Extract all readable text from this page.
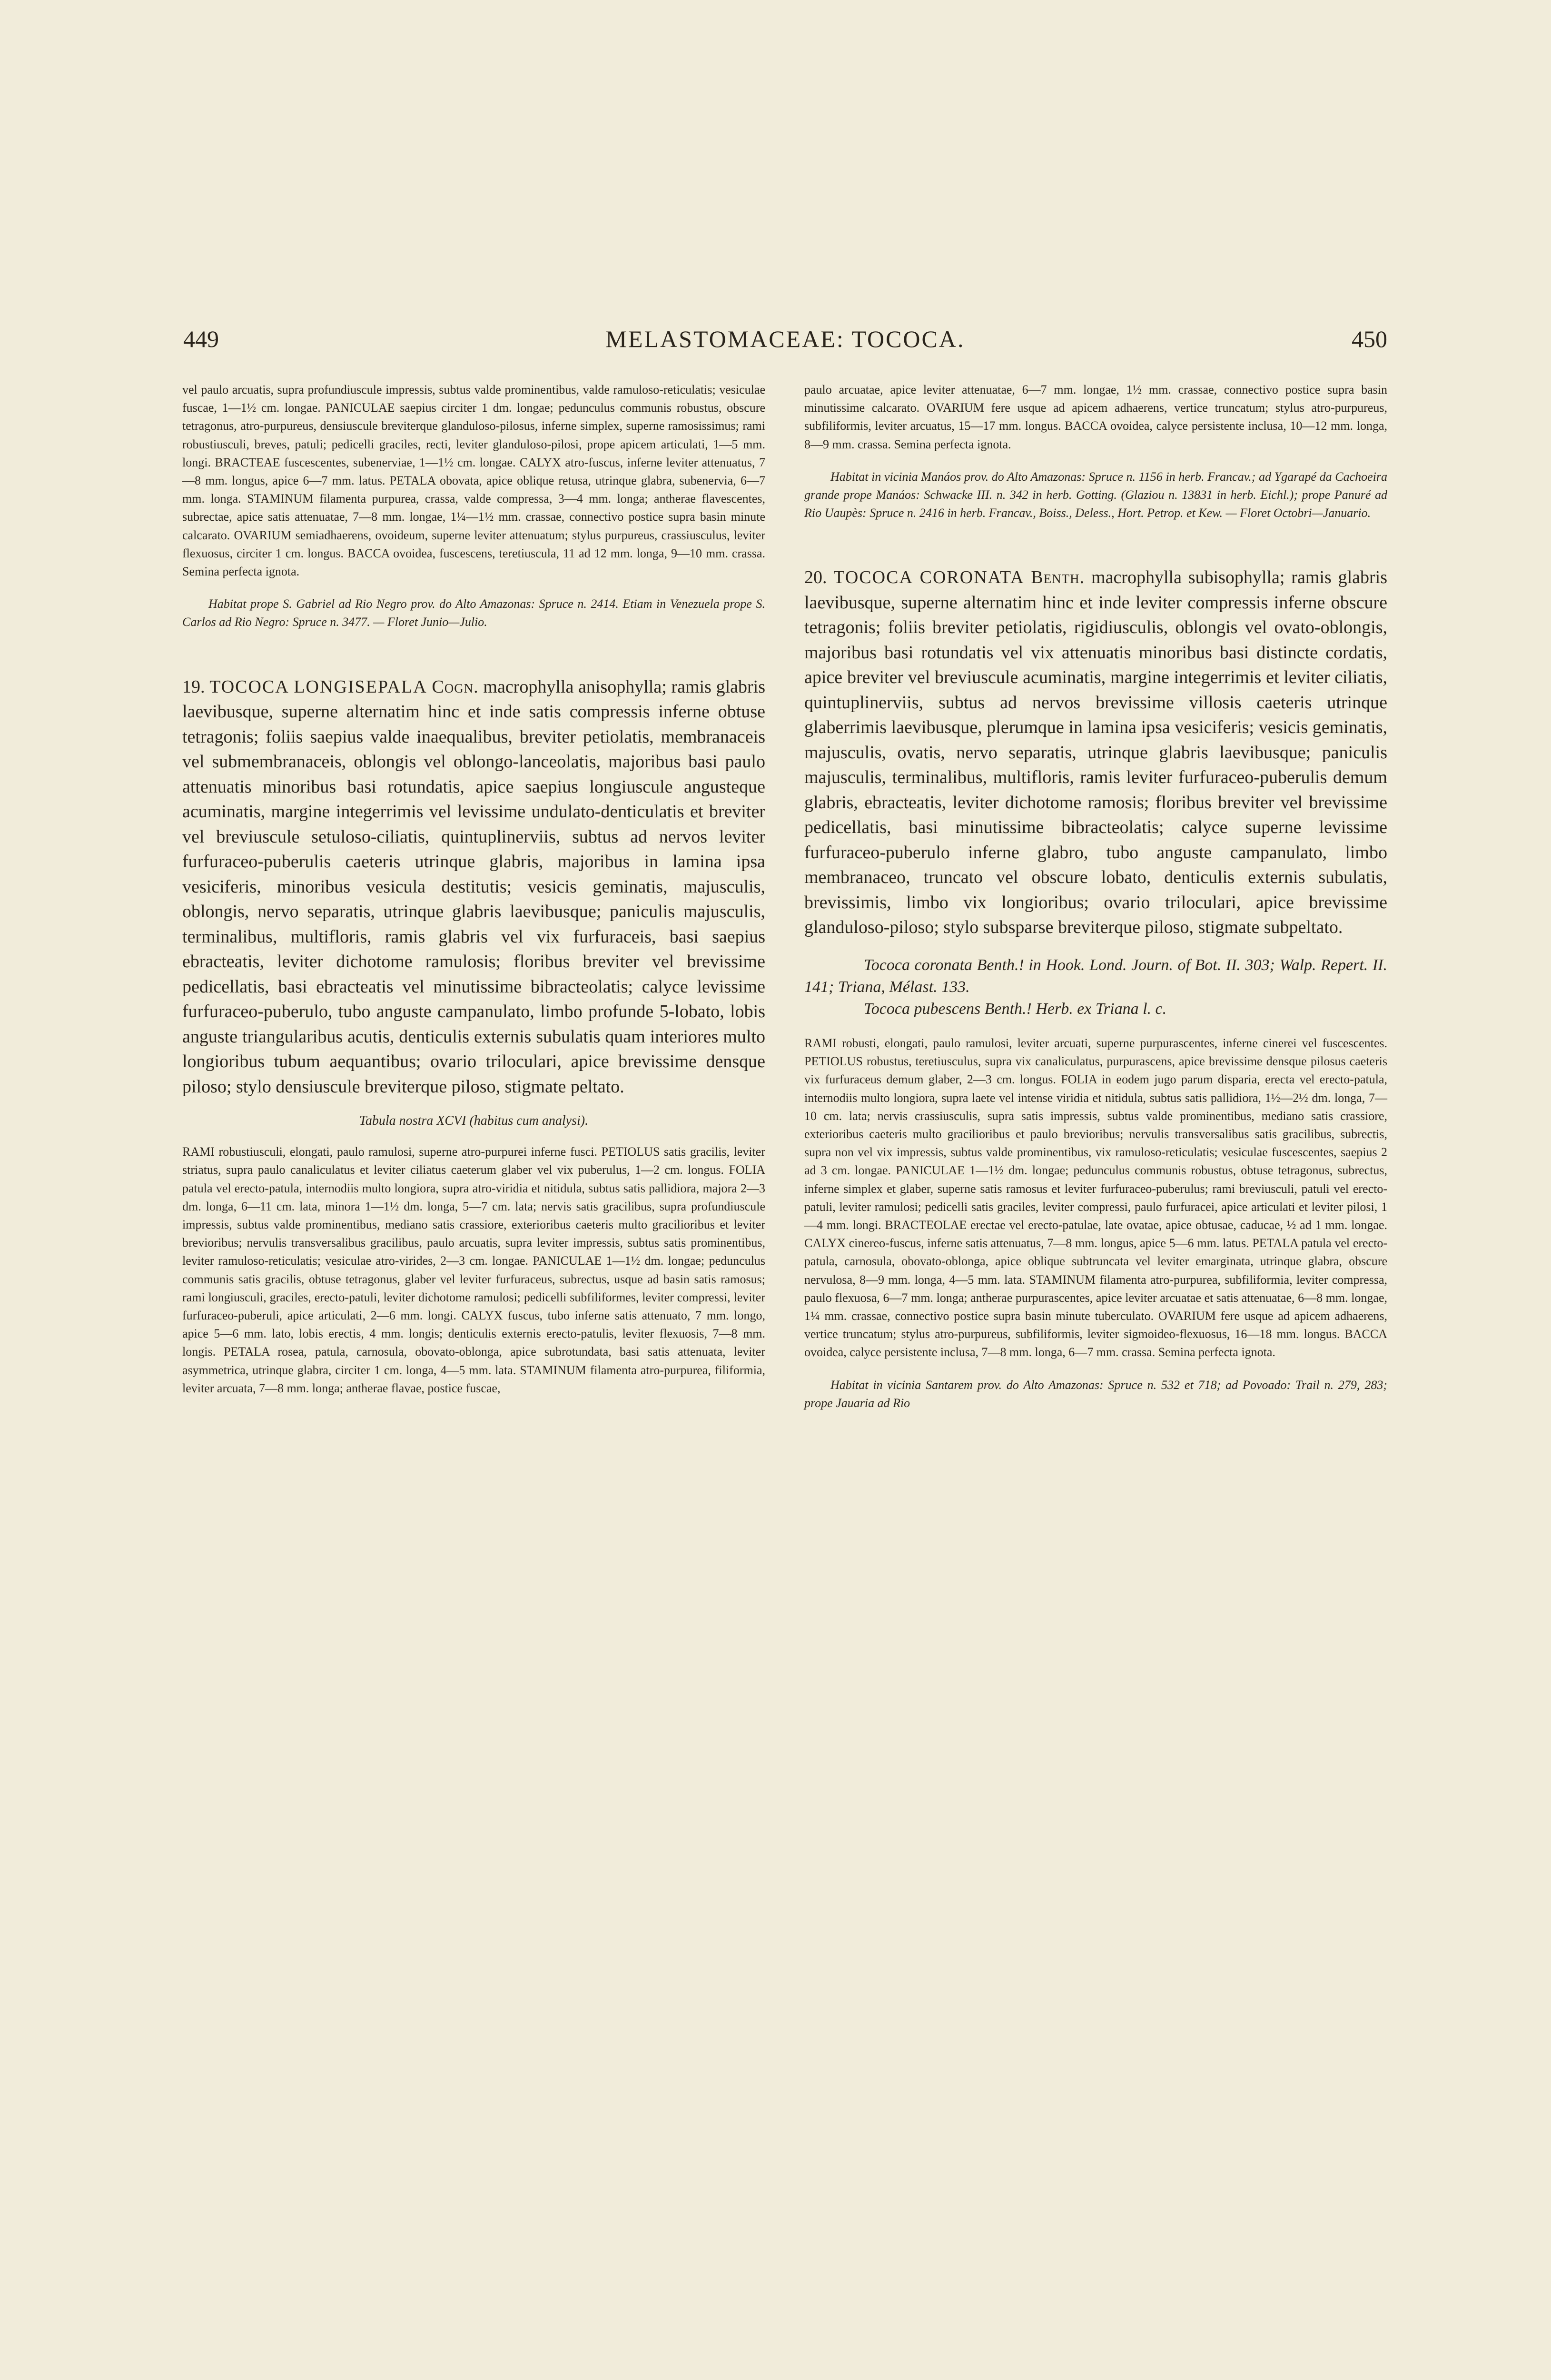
449	MELASTOMACEAE: TOCOCA.	450

vel paulo arcuatis, supra profundiuscule impressis, subtus valde prominentibus, valde ramuloso-reticulatis; vesiculae fuscae, 1—1½ cm. longae. PANICULAE saepius circiter 1 dm. longae; pedunculus communis robustus, obscure tetragonus, atro-purpureus, densiuscule breviterque glanduloso-pilosus, inferne simplex, superne ramosissimus; rami robustiusculi, breves, patuli; pedicelli graciles, recti, leviter glanduloso-pilosi, prope apicem articulati, 1—5 mm. longi. BRACTEAE fuscescentes, subenerviae, 1—1½ cm. longae. CALYX atro-fuscus, inferne leviter attenuatus, 7—8 mm. longus, apice 6—7 mm. latus. PETALA obovata, apice oblique retusa, utrinque glabra, subenervia, 6—7 mm. longa. STAMINUM filamenta purpurea, crassa, valde compressa, 3—4 mm. longa; antherae flavescentes, subrectae, apice satis attenuatae, 7—8 mm. longae, 1¼—1½ mm. crassae, connectivo postice supra basin minute calcarato. OVARIUM semiadhaerens, ovoideum, superne leviter attenuatum; stylus purpureus, crassiusculus, leviter flexuosus, circiter 1 cm. longus. BACCA ovoidea, fuscescens, teretiuscula, 11 ad 12 mm. longa, 9—10 mm. crassa. Semina perfecta ignota.

Habitat prope S. Gabriel ad Rio Negro prov. do Alto Amazonas: Spruce n. 2414. Etiam in Venezuela prope S. Carlos ad Rio Negro: Spruce n. 3477. — Floret Junio—Julio.

19. TOCOCA LONGISEPALA Cogn. macrophylla anisophylla; ramis glabris laevibusque, superne alternatim hinc et inde satis compressis inferne obtuse tetragonis; foliis saepius valde inaequalibus, breviter petiolatis, membranaceis vel submembranaceis, oblongis vel oblongo-lanceolatis, majoribus basi paulo attenuatis minoribus basi rotundatis, apice saepius longiuscule angusteque acuminatis, margine integerrimis vel levissime undulato-denticulatis et breviter vel breviuscule setuloso-ciliatis, quintuplinerviis, subtus ad nervos leviter furfuraceo-puberulis caeteris utrinque glabris, majoribus in lamina ipsa vesiciferis, minoribus vesicula destitutis; vesicis geminatis, majusculis, oblongis, nervo separatis, utrinque glabris laevibusque; paniculis majusculis, terminalibus, multifloris, ramis glabris vel vix furfuraceis, basi saepius ebracteatis, leviter dichotome ramulosis; floribus breviter vel brevissime pedicellatis, basi ebracteatis vel minutissime bibracteolatis; calyce levissime furfuraceo-puberulo, tubo anguste campanulato, limbo profunde 5-lobato, lobis anguste triangularibus acutis, denticulis externis subulatis quam interiores multo longioribus tubum aequantibus; ovario triloculari, apice brevissime densque piloso; stylo densiuscule breviterque piloso, stigmate peltato.

Tabula nostra XCVI (habitus cum analysi).

RAMI robustiusculi, elongati, paulo ramulosi, superne atro-purpurei inferne fusci. PETIOLUS satis gracilis, leviter striatus, supra paulo canaliculatus et leviter ciliatus caeterum glaber vel vix puberulus, 1—2 cm. longus. FOLIA patula vel erecto-patula, internodiis multo longiora, supra atro-viridia et nitidula, subtus satis pallidiora, majora 2—3 dm. longa, 6—11 cm. lata, minora 1—1½ dm. longa, 5—7 cm. lata; nervis satis gracilibus, supra profundiuscule impressis, subtus valde prominentibus, mediano satis crassiore, exterioribus caeteris multo gracilioribus et leviter brevioribus; nervulis transversalibus gracilibus, paulo arcuatis, supra leviter impressis, subtus satis prominentibus, leviter ramuloso-reticulatis; vesiculae atro-virides, 2—3 cm. longae. PANICULAE 1—1½ dm. longae; pedunculus communis satis gracilis, obtuse tetragonus, glaber vel leviter furfuraceus, subrectus, usque ad basin satis ramosus; rami longiusculi, graciles, erecto-patuli, leviter dichotome ramulosi; pedicelli subfiliformes, leviter compressi, leviter furfuraceo-puberuli, apice articulati, 2—6 mm. longi. CALYX fuscus, tubo inferne satis attenuato, 7 mm. longo, apice 5—6 mm. lato, lobis erectis, 4 mm. longis; denticulis externis erecto-patulis, leviter flexuosis, 7—8 mm. longis. PETALA rosea, patula, carnosula, obovato-oblonga, apice subrotundata, basi satis attenuata, leviter asymmetrica, utrinque glabra, circiter 1 cm. longa, 4—5 mm. lata. STAMINUM filamenta atro-purpurea, filiformia, leviter arcuata, 7—8 mm. longa; antherae flavae, postice fuscae,

paulo arcuatae, apice leviter attenuatae, 6—7 mm. longae, 1½ mm. crassae, connectivo postice supra basin minutissime calcarato. OVARIUM fere usque ad apicem adhaerens, vertice truncatum; stylus atro-purpureus, subfiliformis, leviter arcuatus, 15—17 mm. longus. BACCA ovoidea, calyce persistente inclusa, 10—12 mm. longa, 8—9 mm. crassa. Semina perfecta ignota.

Habitat in vicinia Manáos prov. do Alto Amazonas: Spruce n. 1156 in herb. Francav.; ad Ygarapé da Cachoeira grande prope Manáos: Schwacke III. n. 342 in herb. Gotting. (Glaziou n. 13831 in herb. Eichl.); prope Panuré ad Rio Uaupès: Spruce n. 2416 in herb. Francav., Boiss., Deless., Hort. Petrop. et Kew. — Floret Octobri—Januario.

20. TOCOCA CORONATA Benth. macrophylla subisophylla; ramis glabris laevibusque, superne alternatim hinc et inde leviter compressis inferne obscure tetragonis; foliis breviter petiolatis, rigidiusculis, oblongis vel ovato-oblongis, majoribus basi rotundatis vel vix attenuatis minoribus basi distincte cordatis, apice breviter vel breviuscule acuminatis, margine integerrimis et leviter ciliatis, quintuplinerviis, subtus ad nervos brevissime villosis caeteris utrinque glaberrimis laevibusque, plerumque in lamina ipsa vesiciferis; vesicis geminatis, majusculis, ovatis, nervo separatis, utrinque glabris laevibusque; paniculis majusculis, terminalibus, multifloris, ramis leviter furfuraceo-puberulis demum glabris, ebracteatis, leviter dichotome ramosis; floribus breviter vel brevissime pedicellatis, basi minutissime bibracteolatis; calyce superne levissime furfuraceo-puberulo inferne glabro, tubo anguste campanulato, limbo membranaceo, truncato vel obscure lobato, denticulis externis subulatis, brevissimis, limbo vix longioribus; ovario triloculari, apice brevissime glanduloso-piloso; stylo subsparse breviterque piloso, stigmate subpeltato.

Tococa coronata Benth.! in Hook. Lond. Journ. of Bot. II. 303; Walp. Repert. II. 141; Triana, Mélast. 133.

Tococa pubescens Benth.! Herb. ex Triana l. c.

RAMI robusti, elongati, paulo ramulosi, leviter arcuati, superne purpurascentes, inferne cinerei vel fuscescentes. PETIOLUS robustus, teretiusculus, supra vix canaliculatus, purpurascens, apice brevissime densque pilosus caeteris vix furfuraceus demum glaber, 2—3 cm. longus. FOLIA in eodem jugo parum disparia, erecta vel erecto-patula, internodiis multo longiora, supra laete vel intense viridia et nitidula, subtus satis pallidiora, 1½—2½ dm. longa, 7—10 cm. lata; nervis crassiusculis, supra satis impressis, subtus valde prominentibus, mediano satis crassiore, exterioribus caeteris multo gracilioribus et paulo brevioribus; nervulis transversalibus satis gracilibus, subrectis, supra non vel vix impressis, subtus valde prominentibus, vix ramuloso-reticulatis; vesiculae fuscescentes, saepius 2 ad 3 cm. longae. PANICULAE 1—1½ dm. longae; pedunculus communis robustus, obtuse tetragonus, subrectus, inferne simplex et glaber, superne satis ramosus et leviter furfuraceo-puberulus; rami breviusculi, patuli vel erecto-patuli, leviter ramulosi; pedicelli satis graciles, leviter compressi, paulo furfuracei, apice articulati et leviter pilosi, 1—4 mm. longi. BRACTEOLAE erectae vel erecto-patulae, late ovatae, apice obtusae, caducae, ½ ad 1 mm. longae. CALYX cinereo-fuscus, inferne satis attenuatus, 7—8 mm. longus, apice 5—6 mm. latus. PETALA patula vel erecto-patula, carnosula, obovato-oblonga, apice oblique subtruncata vel leviter emarginata, utrinque glabra, obscure nervulosa, 8—9 mm. longa, 4—5 mm. lata. STAMINUM filamenta atro-purpurea, subfiliformia, leviter compressa, paulo flexuosa, 6—7 mm. longa; antherae purpurascentes, apice leviter arcuatae et satis attenuatae, 6—8 mm. longae, 1¼ mm. crassae, connectivo postice supra basin minute tuberculato. OVARIUM fere usque ad apicem adhaerens, vertice truncatum; stylus atro-purpureus, subfiliformis, leviter sigmoideo-flexuosus, 16—18 mm. longus. BACCA ovoidea, calyce persistente inclusa, 7—8 mm. longa, 6—7 mm. crassa. Semina perfecta ignota.

Habitat in vicinia Santarem prov. do Alto Amazonas: Spruce n. 532 et 718; ad Povoado: Trail n. 279, 283; prope Jauaria ad Rio
